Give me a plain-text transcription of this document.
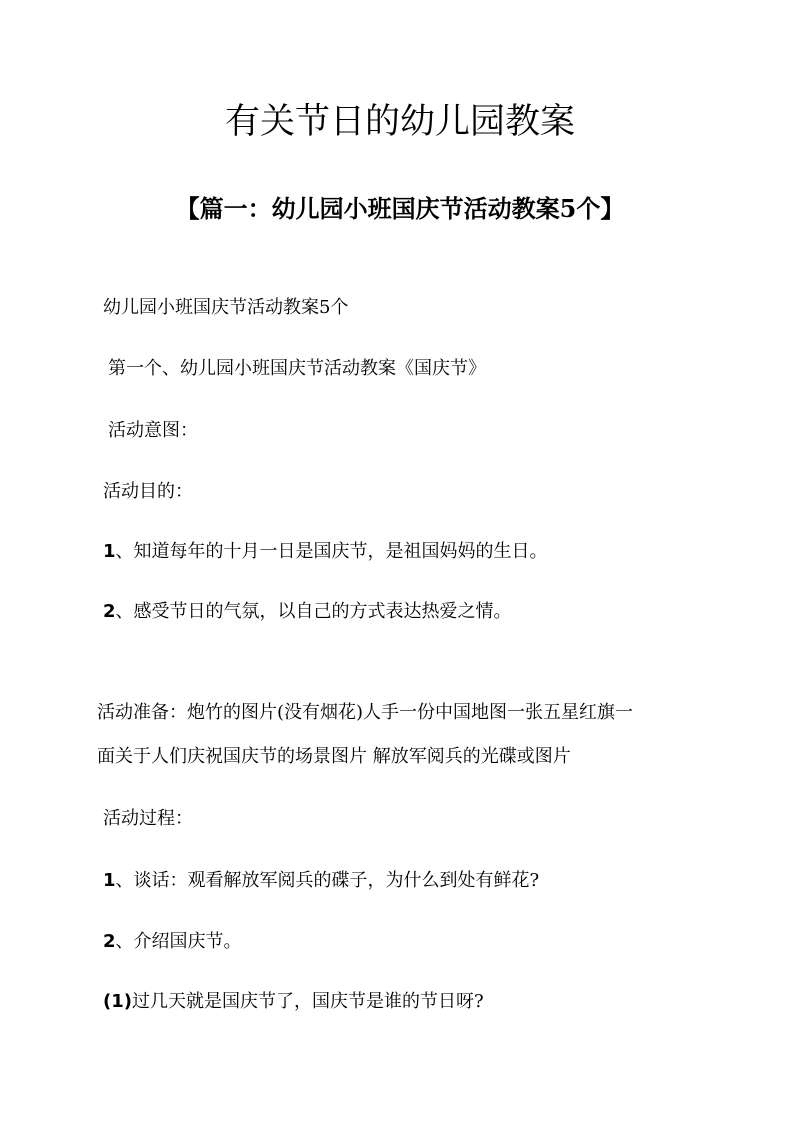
有关节日的幼儿园教案
【篇一：幼儿园小班国庆节活动教案5个】

幼儿园小班国庆节活动教案5个

第一个、幼儿园小班国庆节活动教案《国庆节》

活动意图：

活动目的：

1、知道每年的十月一日是国庆节，是祖国妈妈的生日。

2、感受节日的气氛，以自己的方式表达热爱之情。

活动准备：炮竹的图片(没有烟花)人手一份中国地图一张五星红旗一

面关于人们庆祝国庆节的场景图片 解放军阅兵的光碟或图片

活动过程：

1、谈话：观看解放军阅兵的碟子，为什么到处有鲜花?

2、介绍国庆节。

(1)过几天就是国庆节了，国庆节是谁的节日呀?
